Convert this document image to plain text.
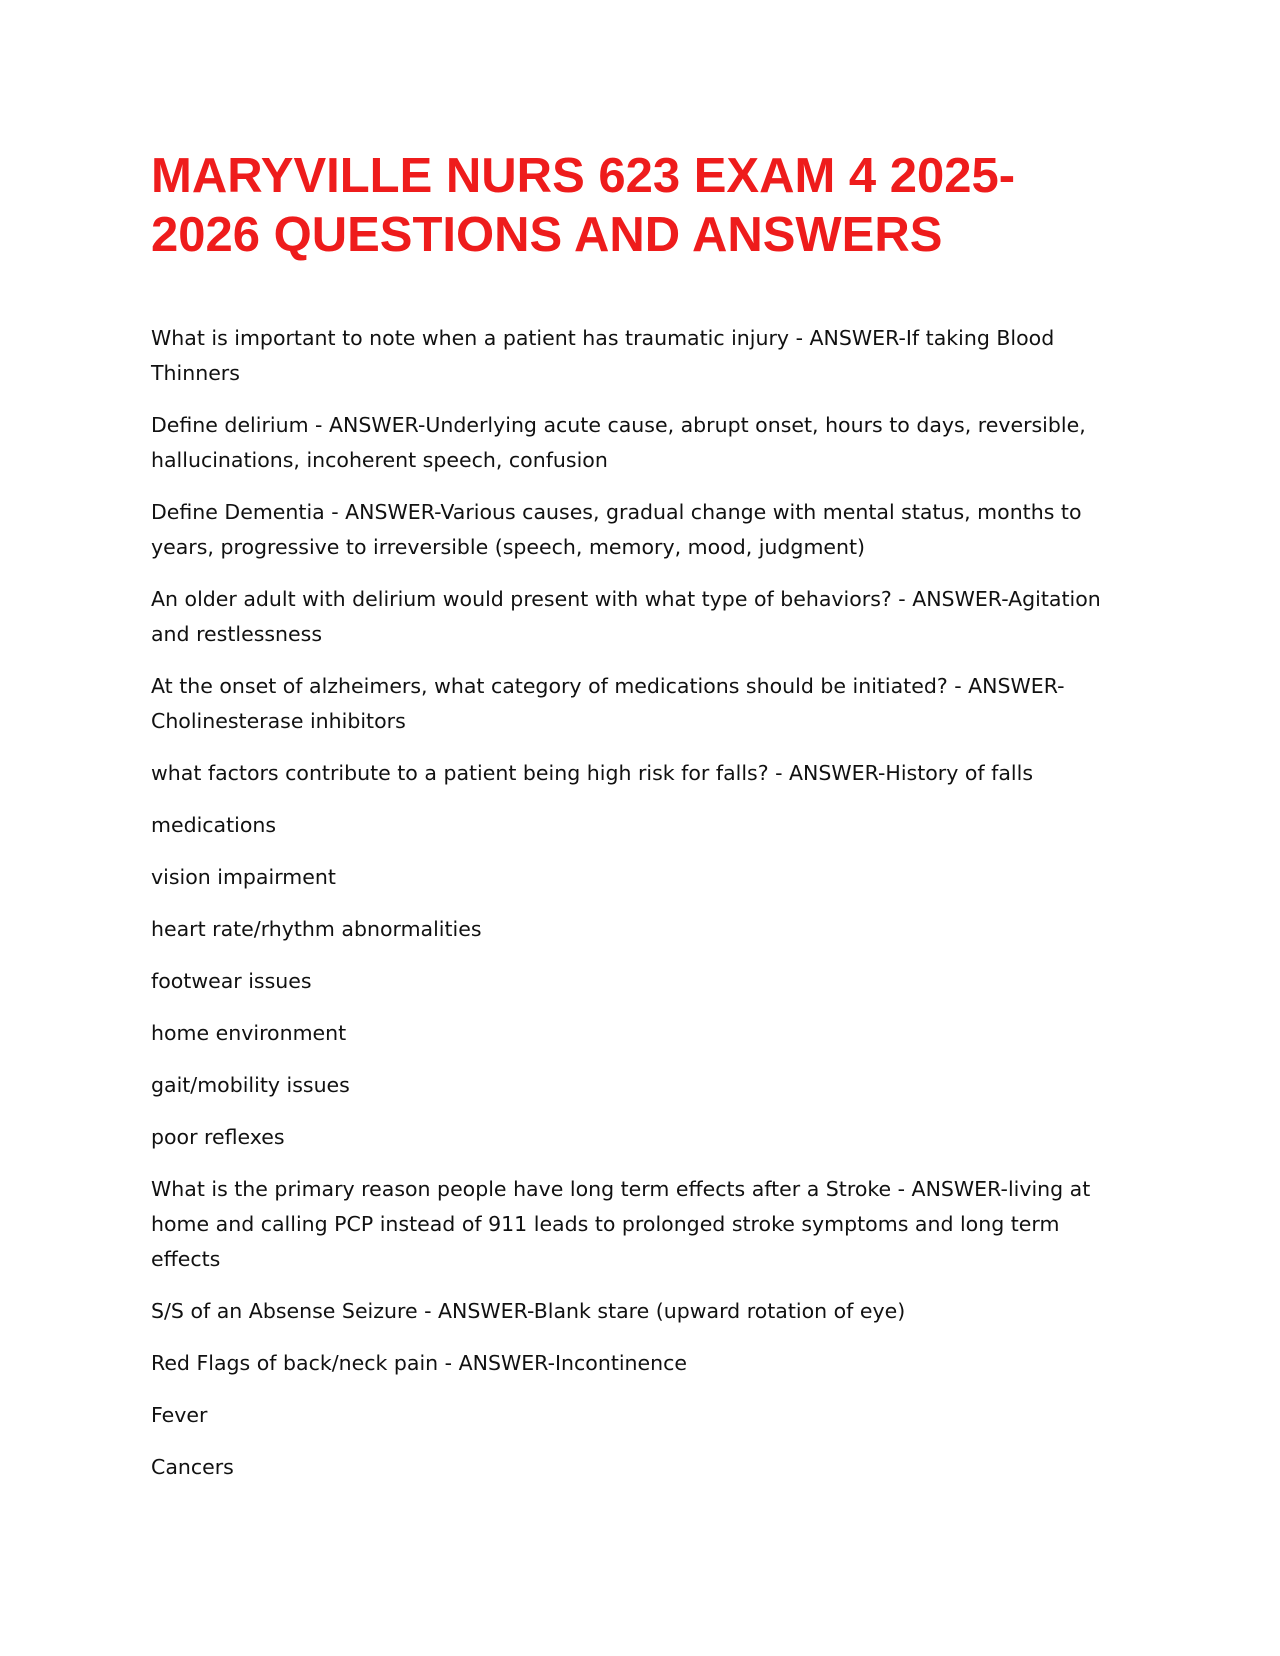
MARYVILLE NURS 623 EXAM 4 2025-
2026 QUESTIONS AND ANSWERS

What is important to note when a patient has traumatic injury - ANSWER-If taking Blood Thinners

Define delirium - ANSWER-Underlying acute cause, abrupt onset, hours to days, reversible, hallucinations, incoherent speech, confusion

Define Dementia - ANSWER-Various causes, gradual change with mental status, months to years, progressive to irreversible (speech, memory, mood, judgment)

An older adult with delirium would present with what type of behaviors? - ANSWER-Agitation and restlessness

At the onset of alzheimers, what category of medications should be initiated? - ANSWER-Cholinesterase inhibitors

what factors contribute to a patient being high risk for falls? - ANSWER-History of falls

medications

vision impairment

heart rate/rhythm abnormalities

footwear issues

home environment

gait/mobility issues

poor reflexes

What is the primary reason people have long term effects after a Stroke - ANSWER-living at home and calling PCP instead of 911 leads to prolonged stroke symptoms and long term effects

S/S of an Absense Seizure - ANSWER-Blank stare (upward rotation of eye)

Red Flags of back/neck pain - ANSWER-Incontinence

Fever

Cancers
